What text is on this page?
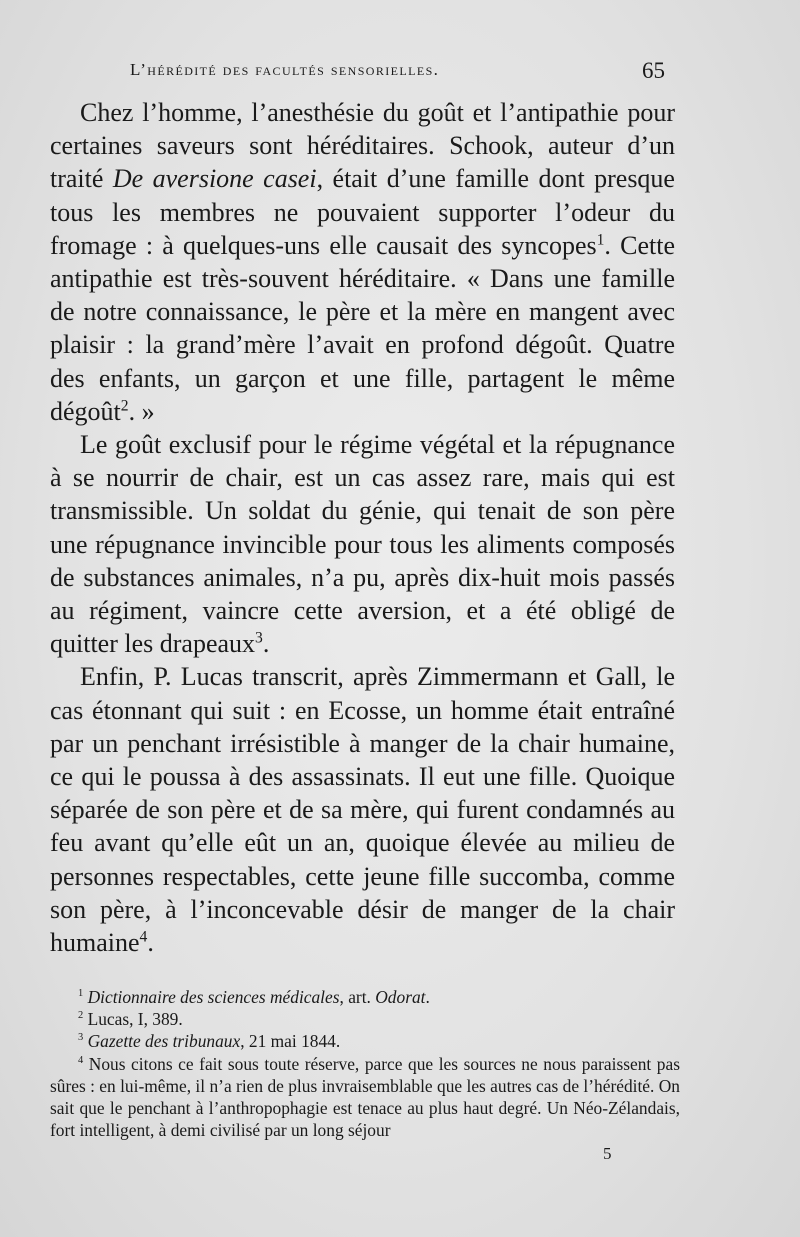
L’hérédité des facultés sensorielles.	65

Chez l’homme, l’anesthésie du goût et l’antipathie pour certaines saveurs sont héréditaires. Schook, auteur d’un traité De aversione casei, était d’une famille dont presque tous les membres ne pouvaient supporter l’odeur du fromage : à quelques-uns elle causait des syncopes$^1$. Cette antipathie est très-souvent héréditaire. « Dans une famille de notre connaissance, le père et la mère en mangent avec plaisir : la grand’mère l’avait en profond dégoût. Quatre des enfants, un garçon et une fille, partagent le même dégoût$^2$. »

Le goût exclusif pour le régime végétal et la répugnance à se nourrir de chair, est un cas assez rare, mais qui est transmissible. Un soldat du génie, qui tenait de son père une répugnance invincible pour tous les aliments composés de substances animales, n’a pu, après dix-huit mois passés au régiment, vaincre cette aversion, et a été obligé de quitter les drapeaux$^3$.

Enfin, P. Lucas transcrit, après Zimmermann et Gall, le cas étonnant qui suit : en Ecosse, un homme était entraîné par un penchant irrésistible à manger de la chair humaine, ce qui le poussa à des assassinats. Il eut une fille. Quoique séparée de son père et de sa mère, qui furent condamnés au feu avant qu’elle eût un an, quoique élevée au milieu de personnes respectables, cette jeune fille succomba, comme son père, à l’inconcevable désir de manger de la chair humaine$^4$.

$^1$ Dictionnaire des sciences médicales, art. Odorat.

$^2$ Lucas, I, 389.

$^3$ Gazette des tribunaux, 21 mai 1844.

$^4$ Nous citons ce fait sous toute réserve, parce que les sources ne nous paraissent pas sûres : en lui-même, il n’a rien de plus invraisemblable que les autres cas de l’hérédité. On sait que le penchant à l’anthropophagie est tenace au plus haut degré. Un Néo-Zélandais, fort intelligent, à demi civilisé par un long séjour

5
